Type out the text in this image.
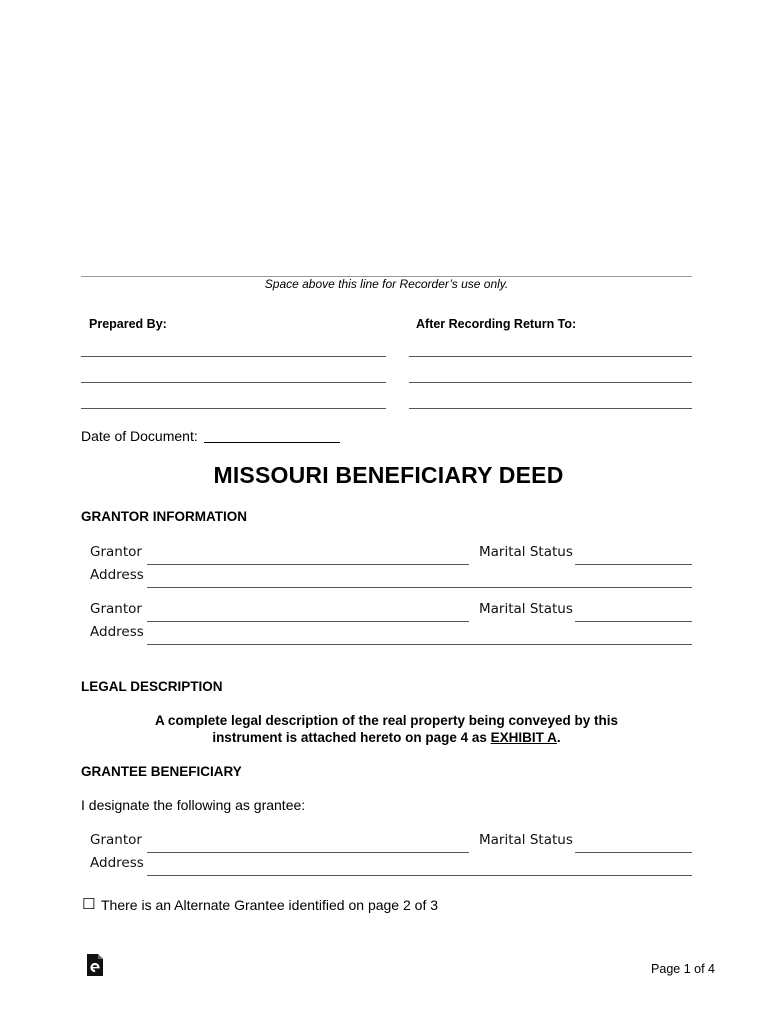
Space above this line for Recorder’s use only.
Prepared By:	After Recording Return To:
Date of Document:
MISSOURI BENEFICIARY DEED
GRANTOR INFORMATION
Grantor	Marital Status
Address
Grantor	Marital Status
Address
LEGAL DESCRIPTION
A complete legal description of the real property being conveyed by this
instrument is attached hereto on page 4 as EXHIBIT A.
GRANTEE BENEFICIARY
I designate the following as grantee:
Grantor	Marital Status
Address
☐ There is an Alternate Grantee identified on page 2 of 3
Page 1 of 4
